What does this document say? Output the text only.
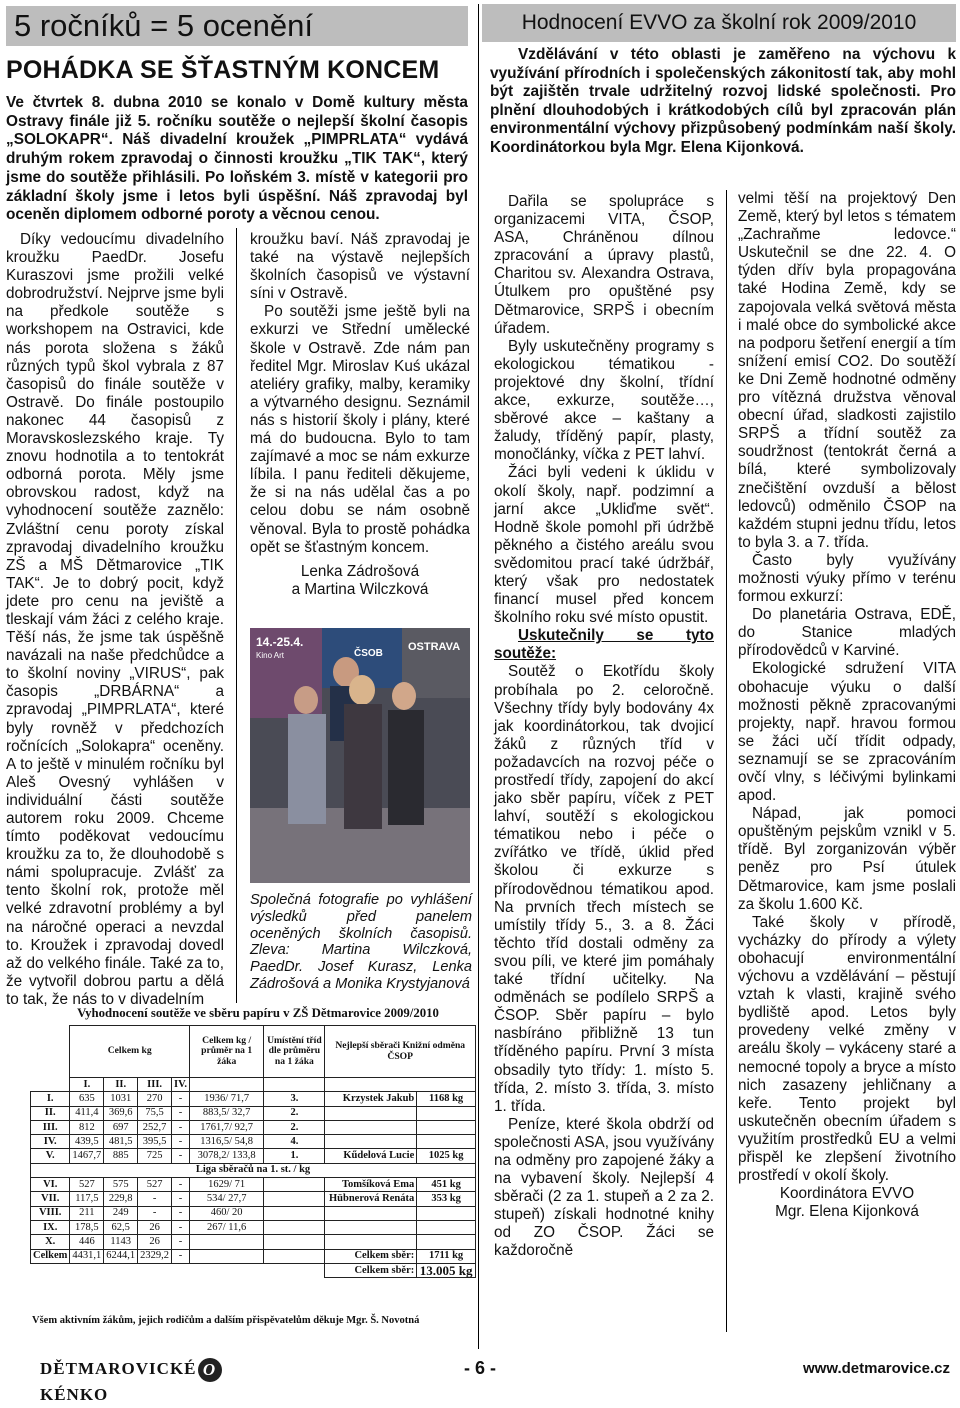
5 ročníků = 5 ocenění
POHÁDKA SE ŠŤASTNÝM KONCEM

Ve čtvrtek 8. dubna 2010 se konalo v Domě kultury města Ostravy finále již 5. ročníku soutěže o nejlepší školní časopis „SOLOKAPR“. Náš divadelní kroužek „PIMPRLATA“ vydává druhým rokem zpravodaj o činnosti kroužku „TIK TAK“, který jsme do soutěže přihlásili. Po loňském 3. místě v kategorii pro základní školy jsme i letos byli úspěšní. Náš zpravodaj byl oceněn diplomem odborné poroty a věcnou cenou.

Díky vedoucímu divadelního kroužku PaedDr. Josefu Kuraszovi jsme prožili velké dobrodružství. Nejprve jsme byli na předkole soutěže s workshopem na Ostravici, kde nás porota složena s žáků různých typů škol vybrala z 87 časopisů do finále soutěže v Ostravě. Do finále postoupilo nakonec 44 časopisů z Moravskoslezského kraje. Ty znovu hodnotila a to tentokrát odborná porota. Měly jsme obrovskou radost, když na vyhodnocení soutěže zaznělo: Zvláštní cenu poroty získal zpravodaj divadelního kroužku ZŠ a MŠ Dětmarovice „TIK TAK“. Je to dobrý pocit, když jdete pro cenu na jeviště a tleskají vám žáci z celého kraje. Těší nás, že jsme tak úspěšně navázali na naše předchůdce a to školní noviny „VIRUS“, pak časopis „DRBÁRNA“ a zpravodaj „PIMPRLATA“, které byly rovněž v předchozích ročnících „Solokapra“ oceněny. A to ještě v minulém ročníku byl Aleš Ovesný vyhlášen v individuální části soutěže autorem roku 2009. Chceme tímto poděkovat vedoucímu kroužku za to, že dlouhodobě s námi spolupracuje. Zvlášť za tento školní rok, protože měl velké zdravotní problémy a byl na náročné operaci a nevzdal to. Kroužek i zpravodaj dovedl až do velkého finále. Také za to, že vytvořil dobrou partu a dělá to tak, že nás to v divadelním

kroužku baví. Náš zpravodaj je také na výstavě nejlepších školních časopisů ve výstavní síni v Ostravě.

Po soutěži jsme ještě byli na exkurzi ve Střední umělecké škole v Ostravě. Zde nám pan ředitel Mgr. Miroslav Kuś ukázal ateliéry grafiky, malby, keramiky a výtvarného designu. Seznámil nás s historií školy i plány, které má do budoucna. Bylo to tam zajímavé a moc se nám exkurze líbila. I panu řediteli děkujeme, že si na nás udělal čas a po celou dobu se nám osobně věnoval. Byla to prostě pohádka opět se šťastným koncem.

Lenka Zádrošová

a Martina Wilczková

14.-25.4.
Kino Art	ČSOB
OSTRAVA
Společná fotografie po vyhlášení výsledků před panelem oceněných školních časopisů. Zleva: Martina Wilczková, PaedDr. Josef Kurasz, Lenka Zádrošová a Monika Krystyjanová
Vyhodnocení soutěže ve sběru papíru v ZŠ Dětmarovice 2009/2010
	Celkem kg				Celkem kg / průměr na 1 žáka	Umístění tříd dle průměru na 1 žáka	Nejlepší sběrači Knižní odměna ČSOP	
	I.	II.	III.	IV.				
I.	635	1031	270	-	1936/ 71,7	3.	Krzystek Jakub	1168 kg
II.	411,4	369,6	75,5	-	883,5/ 32,7	2.		
III.	812	697	252,7	-	1761,7/ 92,7	2.		
IV.	439,5	481,5	395,5	-	1316,5/ 54,8	4.		
V.	1467,7	885	725	-	3078,2/ 133,8	1.	Kűdelová Lucie	1025 kg
Liga sběračů na 1. st. / kg								
VI.	527	575	527	-	1629/ 71		Tomšíková Ema	451 kg
VII.	117,5	229,8	-	-	534/ 27,7		Hübnerová Renáta	353 kg
VIII.	211	249	-	-	460/ 20			
IX.	178,5	62,5	26	-	267/ 11,6			
X.	446	1143	26	-				
Celkem	4431,1	6244,1	2329,2	-			Celkem sběr:	1711 kg
							Celkem sběr:	13.005 kg
Všem aktivním žákům, jejich rodičům a dalším přispěvatelům děkuje Mgr. Š. Novotná
Hodnocení EVVO za školní rok 2009/2010

Vzdělávání v této oblasti je zaměřeno na výchovu k využívání přírodních i společenských zákonitostí tak, aby mohl být zajištěn trvale udržitelný rozvoj lidské společnosti. Pro plnění dlouhodobých i krátkodobých cílů byl zpracován plán environmentální výchovy přizpůsobený podmínkám naší školy. Koordinátorkou byla Mgr. Elena Kijonková.

Dařila se spolupráce s organizacemi VITA, ČSOP, ASA, Chráněnou dílnou zpracování a úpravy plastů, Charitou sv. Alexandra Ostrava, Útulkem pro opuštěné psy Dětmarovice, SRPŠ i obecním úřadem.

Byly uskutečněny programy s ekologickou tématikou - projektové dny školní, třídní akce, exkurze, soutěže…, sběrové akce – kaštany a žaludy, tříděný papír, plasty, monočlánky, víčka z PET lahví.

Žáci byli vedeni k úklidu v okolí školy, např. podzimní a jarní akce „Ukliďme svět“. Hodně škole pomohl při údržbě pěkného a čistého areálu svou svědomitou prací také údržbář, který však pro nedostatek financí musel před koncem školního roku své místo opustit.

Uskutečnily se tyto soutěže:

Soutěž o Ekotřídu školy probíhala po 2. celoročně. Všechny třídy byly bodovány 4x jak koordinátorkou, tak dvojicí žáků z různých tříd v požadavcích na rozvoj péče o prostředí třídy, zapojení do akcí jako sběr papíru, víček z PET lahví, soutěží s ekologickou tématikou nebo i péče o zvířátko ve třídě, úklid před školou či exkurze s přírodovědnou tématikou apod. Na prvních třech místech se umístily třídy 5., 3. a 8. Žáci těchto tříd dostali odměny za svou píli, ve které jim pomáhaly také třídní učitelky. Na odměnách se podílelo SRPŠ a ČSOP. Sběr papíru – bylo nasbíráno přibližně 13 tun tříděného papíru. První 3 místa obsadily tyto třídy: 1. místo 5. třída, 2. místo 3. třída, 3. místo 1. třída.

Peníze, které škola obdrží od společnosti ASA, jsou využívány na odměny pro zapojené žáky a na vybavení školy. Nejlepší 4 sběrači (2 za 1. stupeň a 2 za 2. stupeň) získali hodnotné knihy od ZO ČSOP. Žáci se každoročně

velmi těší na projektový Den Země, který byl letos s tématem „Zachraňme ledovce.“ Uskutečnil se dne 22. 4. O týden dřív byla propagována také Hodina Země, kdy se zapojovala velká světová města i malé obce do symbolické akce na podporu šetření energií a tím snížení emisí CO2. Do soutěží ke Dni Země hodnotné odměny pro vítězná družstva věnoval obecní úřad, sladkosti zajistilo SRPŠ a třídní soutěž za soudržnost (tentokrát černá a bílá, které symbolizovaly znečištění ovzduší a bělost ledovců) odměnilo ČSOP na každém stupni jednu třídu, letos to byla 3. a 7. třída.

Často byly využívány možnosti výuky přímo v terénu formou exkurzí:

Do planetária Ostrava, EDĚ, do Stanice mladých přírodovědců v Karviné.

Ekologické sdružení VITA obohacuje výuku o další možnosti pěkně zpracovanými projekty, např. hravou formou se žáci učí třídit odpady, seznamují se se zpracováním ovčí vlny, s léčivými bylinkami apod.

Nápad, jak pomoci opuštěným pejskům vznikl v 5. třídě. Byl zorganizován výběr peněz pro Psí útulek Dětmarovice, kam jsme poslali za školu 1.600 Kč.

Také školy v přírodě, vycházky do přírody a výlety obohacují environmentální výchovu a vzdělávání – pěstují vztah k vlasti, krajině svého bydliště apod. Letos byly provedeny velké změny v areálu školy – vykáceny staré a nemocné topoly a bryce a místo nich zasazeny jehličnany a keře. Tento projekt byl uskutečněn obecním úřadem s využitím prostředků EU a velmi přispěl ke zlepšení životního prostředí v okolí školy.

Koordinátora EVVO

Mgr. Elena Kijonková

DĚTMAROVICKÉ OKÉNKO
- 6 -	www.detmarovice.cz
